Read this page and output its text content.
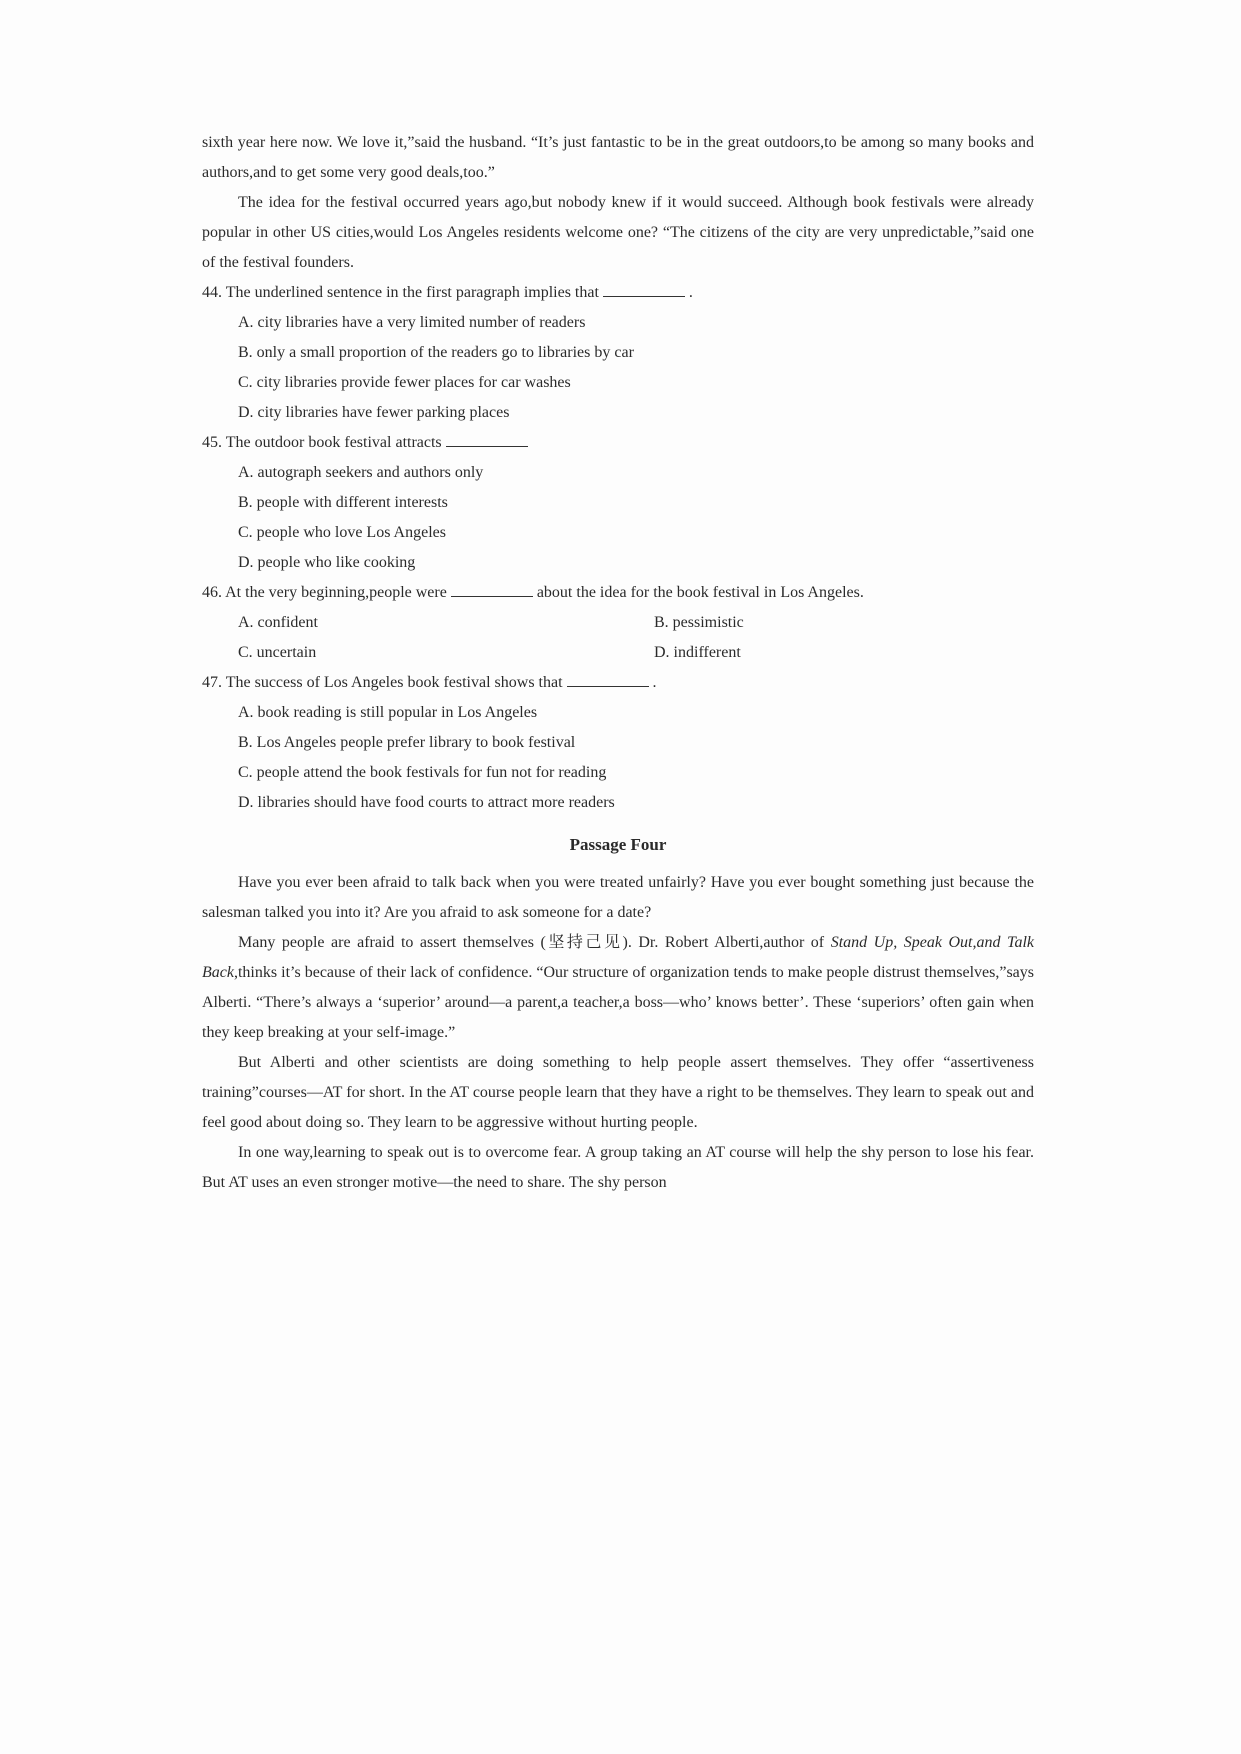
sixth year here now. We love it,”said the husband. “It’s just fantastic to be in the great outdoors,to be among so many books and authors,and to get some very good deals,too.”

The idea for the festival occurred years ago,but nobody knew if it would succeed. Although book festivals were already popular in other US cities,would Los Angeles residents welcome one? “The citizens of the city are very unpredictable,”said one of the festival founders.

44. The underlined sentence in the first paragraph implies that	.

A. city libraries have a very limited number of readers

B. only a small proportion of the readers go to libraries by car

C. city libraries provide fewer places for car washes

D. city libraries have fewer parking places

45. The outdoor book festival attracts

A. autograph seekers and authors only

B. people with different interests

C. people who love Los Angeles

D. people who like cooking

46. At the very beginning,people were	about the idea for the book festival in Los Angeles.

A. confident	B. pessimistic

C. uncertain	D. indifferent

47. The success of Los Angeles book festival shows that	.

A. book reading is still popular in Los Angeles

B. Los Angeles people prefer library to book festival

C. people attend the book festivals for fun not for reading

D. libraries should have food courts to attract more readers

Passage Four

Have you ever been afraid to talk back when you were treated unfairly? Have you ever bought something just because the salesman talked you into it? Are you afraid to ask someone for a date?

Many people are afraid to assert themselves (坚持己见). Dr. Robert Alberti,author of Stand Up, Speak Out,and Talk Back,thinks it’s because of their lack of confidence. “Our structure of organization tends to make people distrust themselves,”says Alberti. “There’s always a ‘superior’ around—a parent,a teacher,a boss—who’ knows better’. These ‘superiors’ often gain when they keep breaking at your self-image.”

But Alberti and other scientists are doing something to help people assert themselves. They offer “assertiveness training”courses—AT for short. In the AT course people learn that they have a right to be themselves. They learn to speak out and feel good about doing so. They learn to be aggressive without hurting people.

In one way,learning to speak out is to overcome fear. A group taking an AT course will help the shy person to lose his fear. But AT uses an even stronger motive—the need to share. The shy person
